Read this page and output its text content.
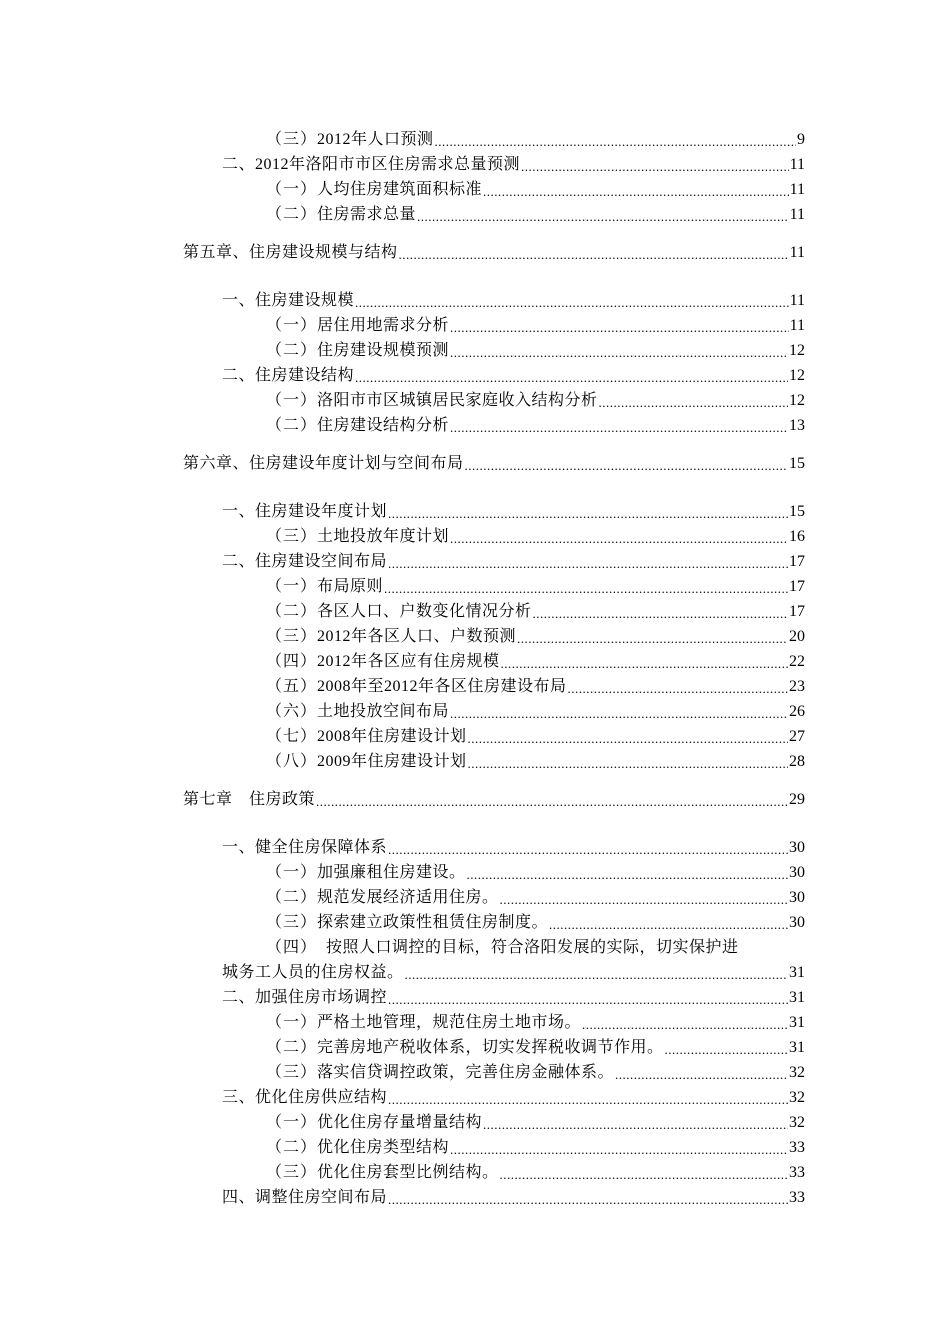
（三） 2012年人口预测 .....	9
二、2012年洛阳市市区住房需求总量预测 .....	11
（一） 人均住房建筑面积标准 .....	11
（二） 住房需求总量 .....	11
第五章、住房建设规模与结构 .....	11
一、住房建设规模 .....	11
（一） 居住用地需求分析 .....	11
（二） 住房建设规模预测 .....	12
二、住房建设结构 .....	12
（一） 洛阳市市区城镇居民家庭收入结构分析 .....	12
（二） 住房建设结构分析 .....	13
第六章、住房建设年度计划与空间布局 .....	15
一、住房建设年度计划 .....	15
（三） 土地投放年度计划 .....	16
二、住房建设空间布局 .....	17
（一） 布局原则 .....	17
（二） 各区人口、户数变化情况分析 .....	17
（三） 2012年各区人口、户数预测 .....	20
（四） 2012年各区应有住房规模 .....	22
（五） 2008年至2012年各区住房建设布局 .....	23
（六） 土地投放空间布局 .....	26
（七） 2008年住房建设计划 .....	27
（八） 2009年住房建设计划 .....	28
第七章　住房政策 .....	29
一、健全住房保障体系 .....	30
（一） 加强廉租住房建设。 .....	30
（二） 规范发展经济适用住房。 .....	30
（三） 探索建立政策性租赁住房制度。 .....	30
（四） 按照人口调控的目标，符合洛阳发展的实际，切实保护进
城务工人员的住房权益。 .....	31
二、加强住房市场调控 .....	31
（一） 严格土地管理，规范住房土地市场。 .....	31
（二） 完善房地产税收体系，切实发挥税收调节作用。 .....	31
（三） 落实信贷调控政策，完善住房金融体系。 .....	32
三、优化住房供应结构 .....	32
（一） 优化住房存量增量结构 .....	32
（二） 优化住房类型结构 .....	33
（三） 优化住房套型比例结构。 .....	33
四、调整住房空间布局 .....	33
